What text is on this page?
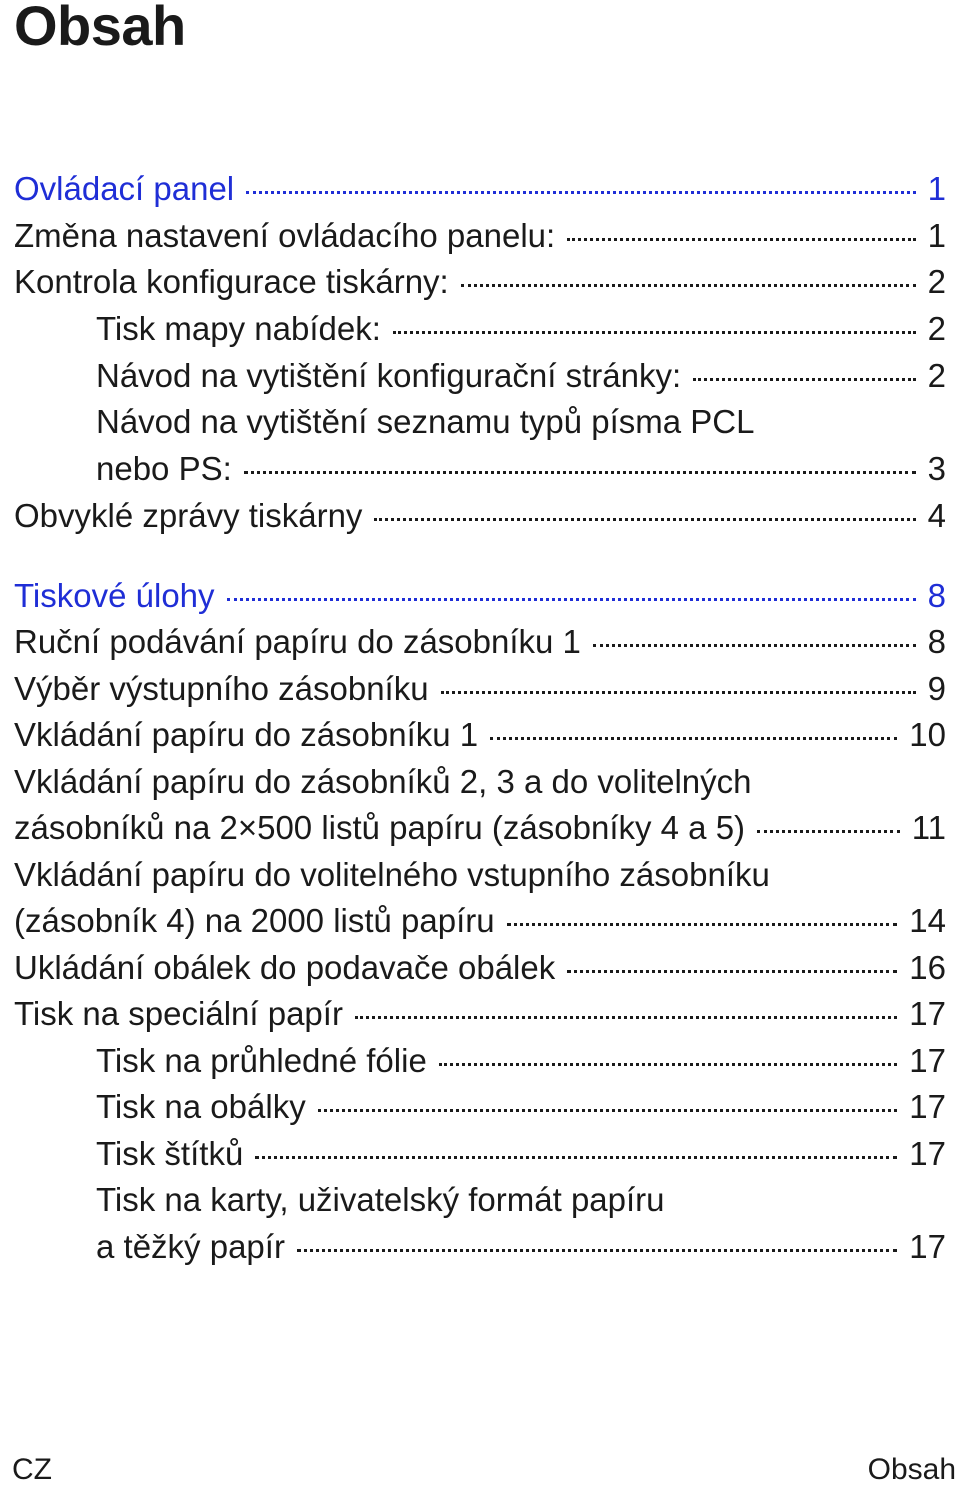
Obsah
Ovládací panel	1
Změna nastavení ovládacího panelu:	1
Kontrola konfigurace tiskárny:	2
Tisk mapy nabídek:	2
Návod na vytištění konfigurační stránky:	2
Návod na vytištění seznamu typů písma PCL
nebo PS:	3
Obvyklé zprávy tiskárny	4
Tiskové úlohy	8
Ruční podávání papíru do zásobníku 1	8
Výběr výstupního zásobníku	9
Vkládání papíru do zásobníku 1	10
Vkládání papíru do zásobníků 2, 3 a do volitelných
zásobníků na 2×500 listů papíru (zásobníky 4 a 5)	11
Vkládání papíru do volitelného vstupního zásobníku
(zásobník 4) na 2000 listů papíru	14
Ukládání obálek do podavače obálek	16
Tisk na speciální papír	17
Tisk na průhledné fólie	17
Tisk na obálky	17
Tisk štítků	17
Tisk na karty, uživatelský formát papíru
a těžký papír	17
CZ	Obsah
